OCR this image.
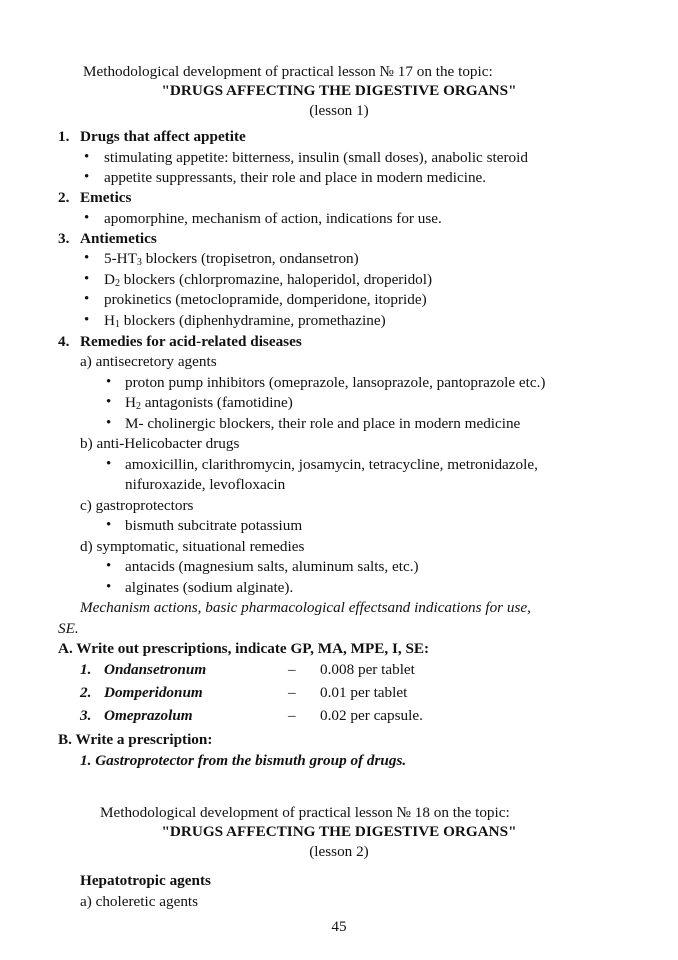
Methodological development of practical lesson № 17 on the topic:
"DRUGS AFFECTING THE DIGESTIVE ORGANS"
(lesson 1)
1. Drugs that affect appetite
• stimulating appetite: bitterness, insulin (small doses), anabolic steroid
• appetite suppressants, their role and place in modern medicine.
2. Emetics
• apomorphine, mechanism of action, indications for use.
3. Antiemetics
• $5-HT_3$ blockers (tropisetron, ondansetron)
• $D_2$ blockers (chlorpromazine, haloperidol, droperidol)
• prokinetics (metoclopramide, domperidone, itopride)
• $H_1$ blockers (diphenhydramine, promethazine)
4. Remedies for acid-related diseases
a) antisecretory agents
• proton pump inhibitors (omeprazole, lansoprazole, pantoprazole etc.)
• $H_2$ antagonists (famotidine)
• M- cholinergic blockers, their role and place in modern medicine
b) anti-Helicobacter drugs
• amoxicillin, clarithromycin, josamycin, tetracycline, metronidazole,
nifuroxazide, levofloxacin
c) gastroprotectors
• bismuth subcitrate potassium
d) symptomatic, situational remedies
• antacids (magnesium salts, aluminum salts, etc.)
• alginates (sodium alginate).
Mechanism actions, basic pharmacological effectsand indications for use,
SE.
A. Write out prescriptions, indicate GP, MA, MPE, I, SE:
1. Ondansetronum	– 0.008 per tablet
2. Domperidonum	– 0.01 per tablet
3. Omeprazolum	– 0.02 per capsule.
B. Write a prescription:
1. Gastroprotector from the bismuth group of drugs.
Methodological development of practical lesson № 18 on the topic:
"DRUGS AFFECTING THE DIGESTIVE ORGANS"
(lesson 2)
Hepatotropic agents
a) choleretic agents
45
